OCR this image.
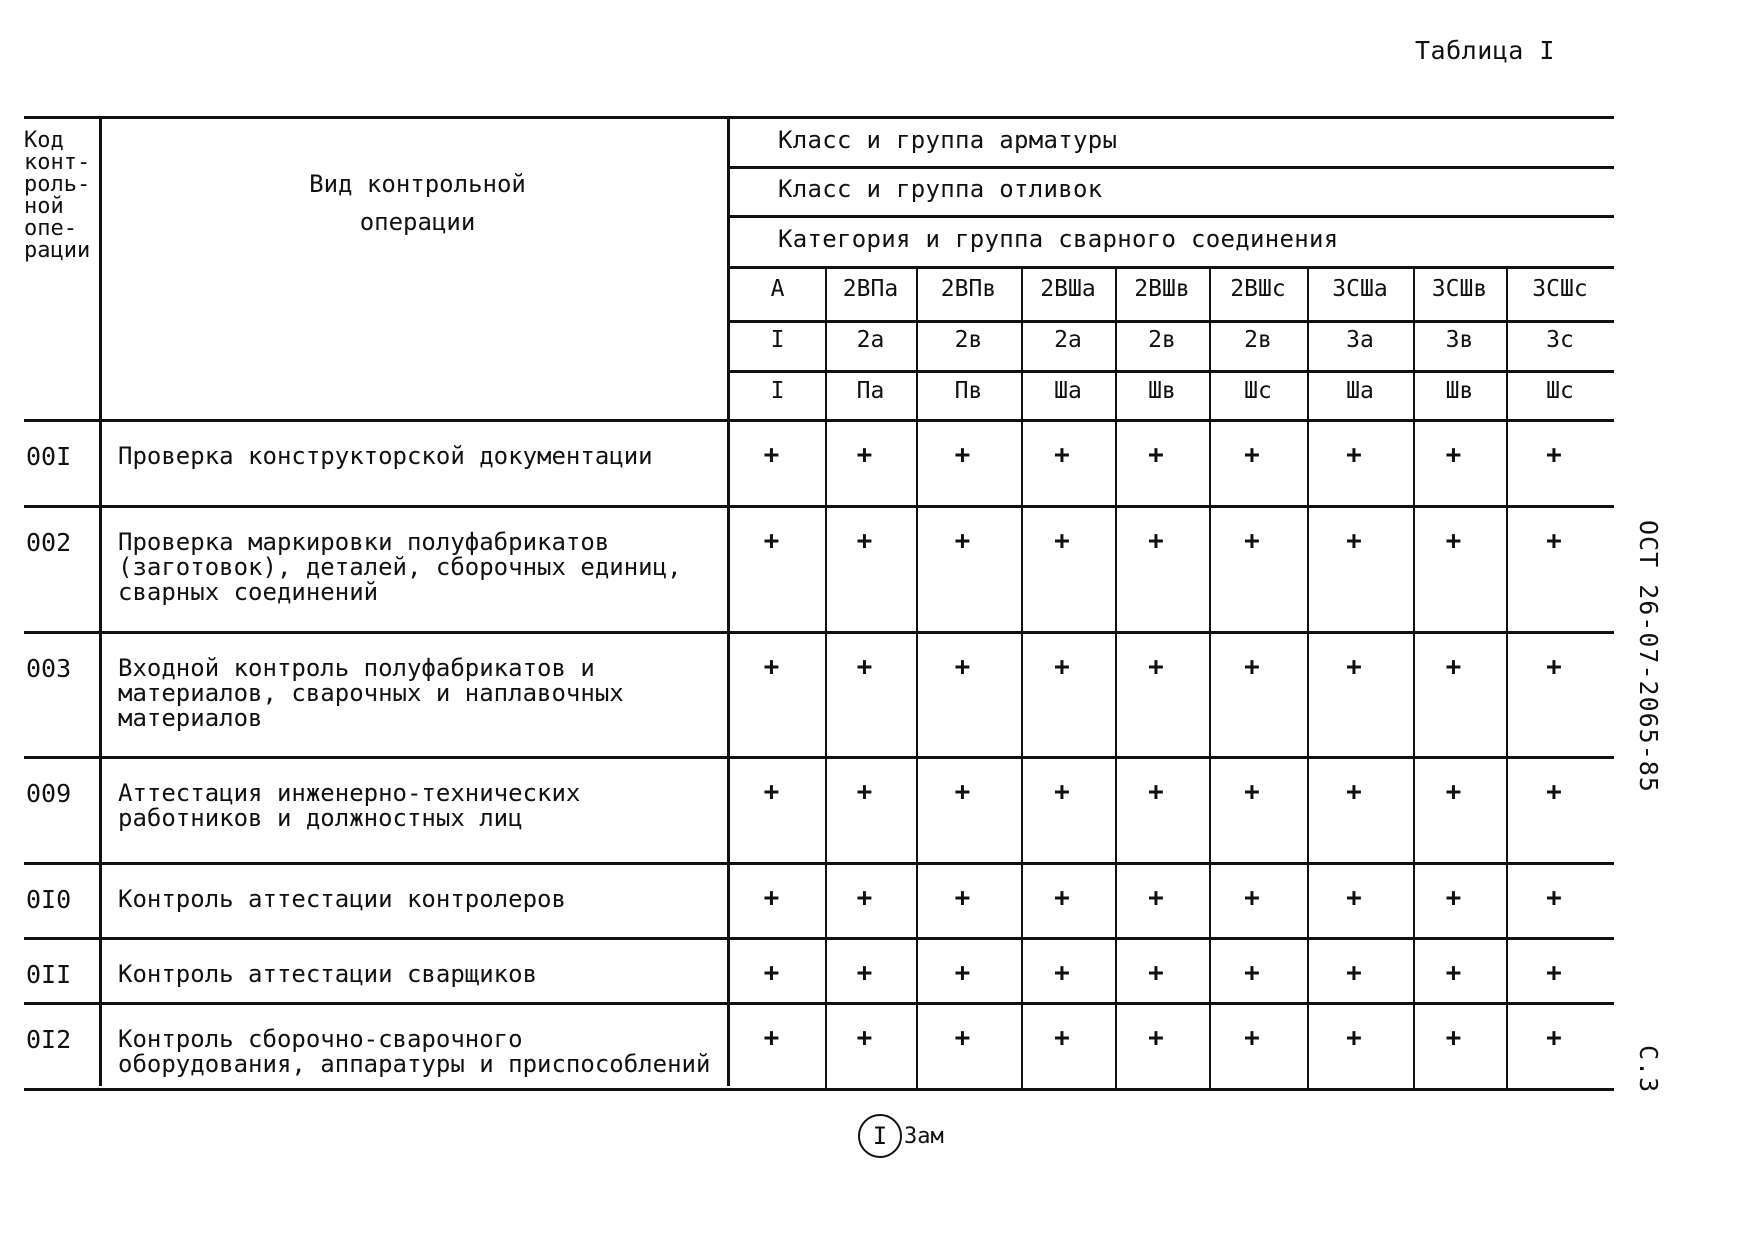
Таблица I
Код
конт-
роль-
ной
опе-
рации
Вид контрольной операции
Класс и группа арматуры
Класс и группа отливок
Категория и группа сварного соединения
А	2ВПа	2ВПв	2ВШа	2ВШв	2ВШс	3СШа	3СШв	3СШс
I	2а	2в	2а	2в	2в	3а	3в	3с
I	Па	Пв	Ша	Шв	Шс	Ша	Шв	Шс
00I Проверка конструкторской документации	+	+	+	+	+	+	+	+	+
002 Проверка маркировки полуфабрикатов (заготовок), деталей, сборочных единиц, сварных соединений
+	+	+	+	+	+	+	+	+
003 Входной контроль полуфабрикатов и материалов, сварочных и наплавочных материалов
+	+	+	+	+	+	+	+	+
009 Аттестация инженерно-технических работников и должностных лиц
+	+	+	+	+	+	+	+	+
0I0 Контроль аттестации контролеров	+	+	+	+	+	+	+	+	+
0II Контроль аттестации сварщиков	+	+	+	+	+	+	+	+	+
0I2 Контроль сборочно-сварочного оборудования, аппаратуры и приспособлений
+	+	+	+	+	+	+	+	+
ОСТ 26-07-2065-85
С.3
I Зам
